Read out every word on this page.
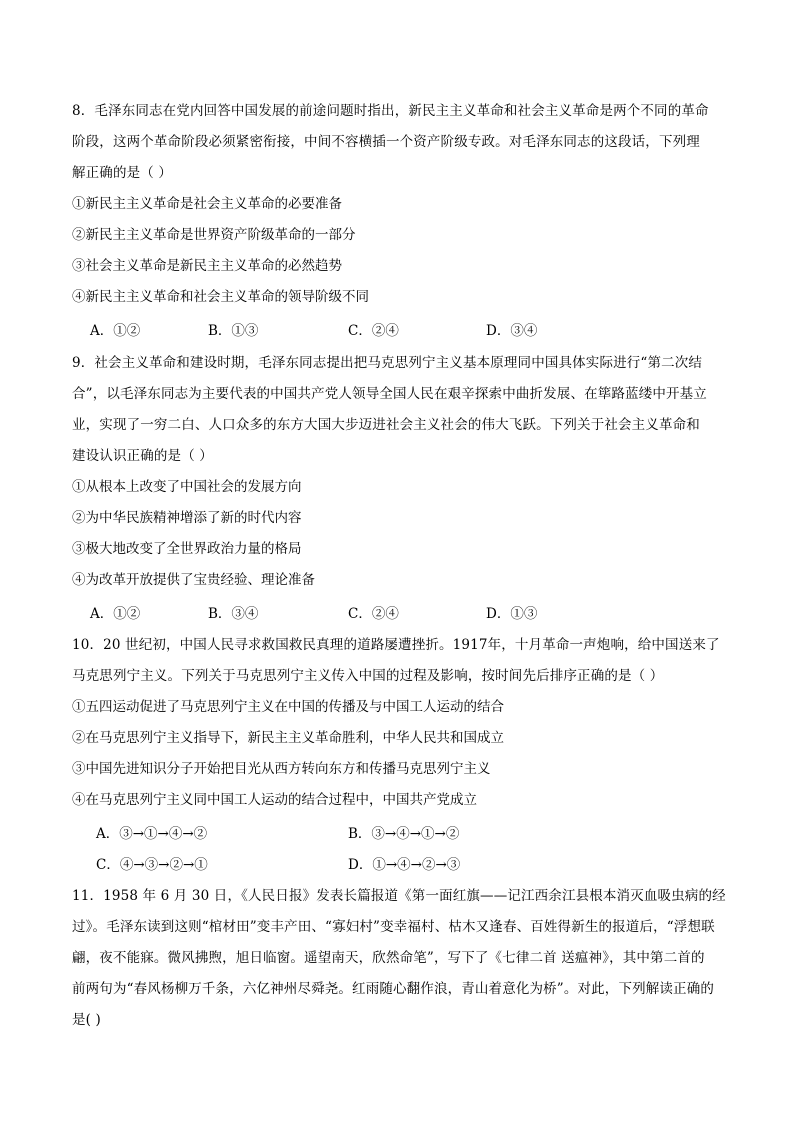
8．毛泽东同志在党内回答中国发展的前途问题时指出，新民主主义革命和社会主义革命是两个不同的革命
阶段，这两个革命阶段必须紧密衔接，中间不容横插一个资产阶级专政。对毛泽东同志的这段话，下列理
解正确的是（ ）
①新民主主义革命是社会主义革命的必要准备
②新民主主义革命是世界资产阶级革命的一部分
③社会主义革命是新民主主义革命的必然趋势
④新民主主义革命和社会主义革命的领导阶级不同
A．①②	B．①③	C．②④	D．③④
9．社会主义革命和建设时期，毛泽东同志提出把马克思列宁主义基本原理同中国具体实际进行“第二次结
合”，以毛泽东同志为主要代表的中国共产党人领导全国人民在艰辛探索中曲折发展、在筚路蓝缕中开基立
业，实现了一穷二白、人口众多的东方大国大步迈进社会主义社会的伟大飞跃。下列关于社会主义革命和
建设认识正确的是（ ）
①从根本上改变了中国社会的发展方向
②为中华民族精神增添了新的时代内容
③极大地改变了全世界政治力量的格局
④为改革开放提供了宝贵经验、理论准备
A．①②	B．③④	C．②④	D．①③
10．20 世纪初，中国人民寻求救国救民真理的道路屡遭挫折。1917年，十月革命一声炮响，给中国送来了
马克思列宁主义。下列关于马克思列宁主义传入中国的过程及影响，按时间先后排序正确的是（ ）
①五四运动促进了马克思列宁主义在中国的传播及与中国工人运动的结合
②在马克思列宁主义指导下，新民主主义革命胜利，中华人民共和国成立
③中国先进知识分子开始把目光从西方转向东方和传播马克思列宁主义
④在马克思列宁主义同中国工人运动的结合过程中，中国共产党成立
A．③→①→④→②	B．③→④→①→②
C．④→③→②→①	D．①→④→②→③
11．1958 年 6 月 30 日，《人民日报》发表长篇报道《第一面红旗——记江西余江县根本消灭血吸虫病的经
过》。毛泽东读到这则“棺材田”变丰产田、“寡妇村”变幸福村、枯木又逢春、百姓得新生的报道后，“浮想联
翩，夜不能寐。微风拂煦，旭日临窗。遥望南天，欣然命笔”，写下了《七律二首 送瘟神》，其中第二首的
前两句为“春风杨柳万千条，六亿神州尽舜尧。红雨随心翻作浪，青山着意化为桥”。对此，下列解读正确的
是( )
